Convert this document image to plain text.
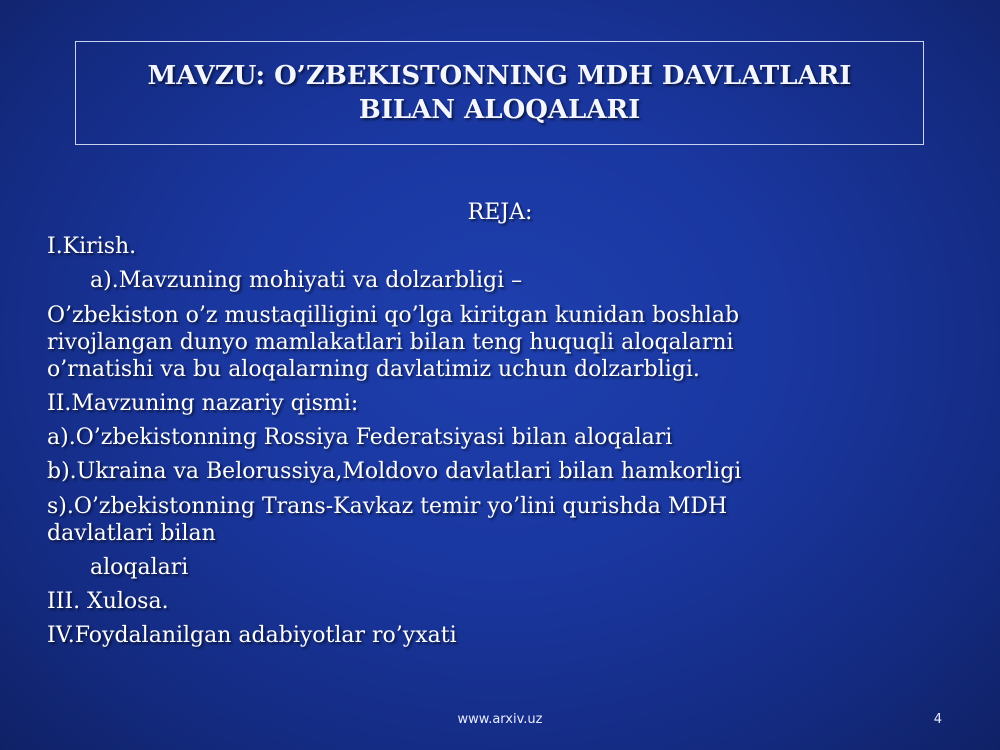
MAVZU: O’ZBEKISTONNING MDH DAVLATLARI
BILAN ALOQALARI
REJA:
I.Kirish.
a).Mavzuning mohiyati va dolzarbligi –
O’zbekiston o’z mustaqilligini qo’lga kiritgan kunidan boshlab
rivojlangan dunyo mamlakatlari bilan teng huquqli aloqalarni
o’rnatishi va bu aloqalarning davlatimiz uchun dolzarbligi.
II.Mavzuning nazariy qismi:
a).O’zbekistonning Rossiya Federatsiyasi bilan aloqalari
b).Ukraina va Belorussiya,Moldovo davlatlari bilan hamkorligi
s).O’zbekistonning Trans-Kavkaz temir yo’lini qurishda MDH
davlatlari bilan
aloqalari
III. Xulosa.
IV.Foydalanilgan adabiyotlar ro’yxati
www.arxiv.uz	4
